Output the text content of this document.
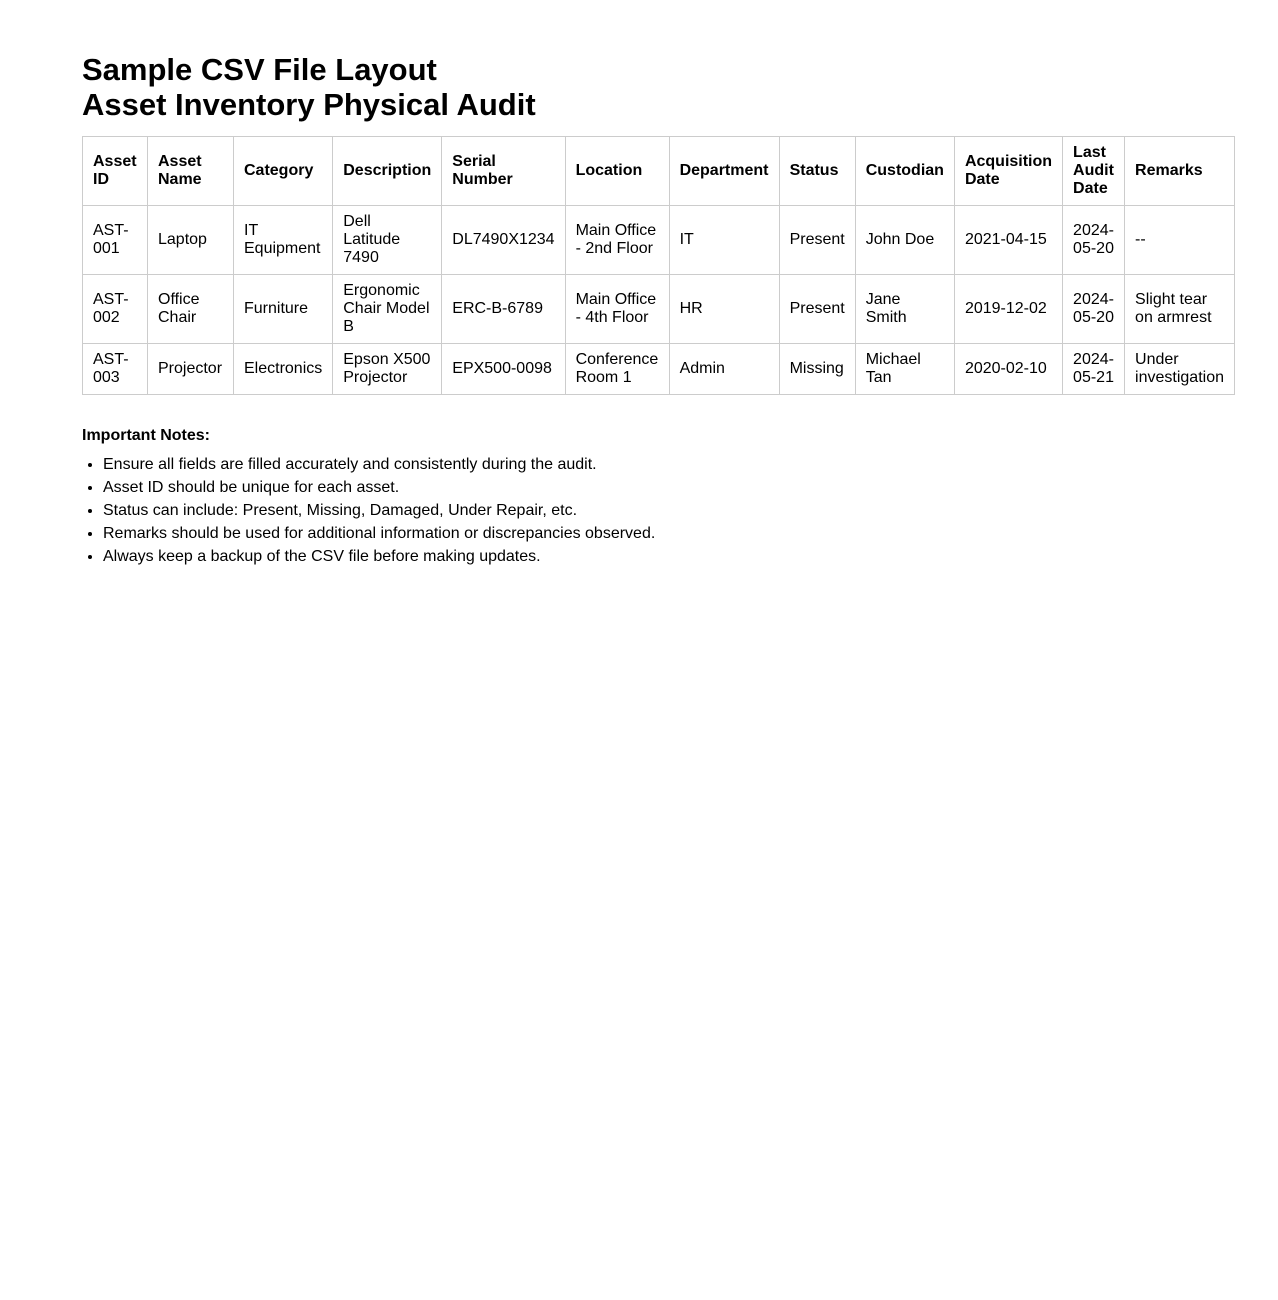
Sample CSV File Layout
Asset Inventory Physical Audit
Asset ID	Asset Name	Category	Description	Serial Number	Location	Department	Status	Custodian	Acquisition Date	Last Audit Date	Remarks
AST-001	Laptop	IT Equipment	Dell Latitude 7490	DL7490X1234	Main Office - 2nd Floor	IT	Present	John Doe	2021-04-15	2024-05-20	--
AST-002	Office Chair	Furniture	Ergonomic Chair Model B	ERC-B-6789	Main Office - 4th Floor	HR	Present	Jane Smith	2019-12-02	2024-05-20	Slight tear on armrest
AST-003	Projector	Electronics	Epson X500 Projector	EPX500-0098	Conference Room 1	Admin	Missing	Michael Tan	2020-02-10	2024-05-21	Under investigation

Important Notes:

• Ensure all fields are filled accurately and consistently during the audit.
• Asset ID should be unique for each asset.
• Status can include: Present, Missing, Damaged, Under Repair, etc.
• Remarks should be used for additional information or discrepancies observed.
• Always keep a backup of the CSV file before making updates.
